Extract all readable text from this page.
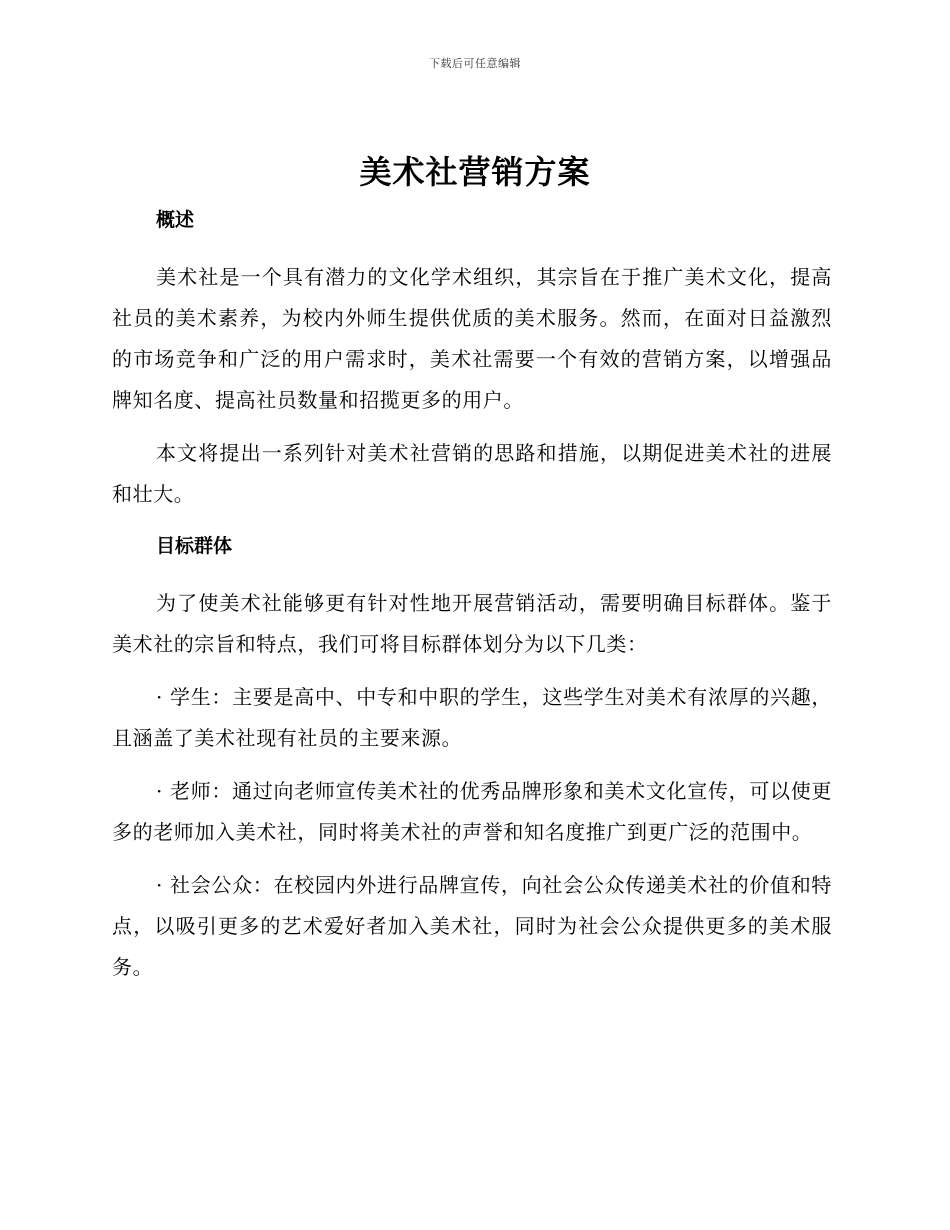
下载后可任意编辑
美术社营销方案
概述

美术社是一个具有潜力的文化学术组织，其宗旨在于推广美术文化，提高社员的美术素养，为校内外师生提供优质的美术服务。然而，在面对日益激烈的市场竞争和广泛的用户需求时，美术社需要一个有效的营销方案，以增强品牌知名度、提高社员数量和招揽更多的用户。

本文将提出一系列针对美术社营销的思路和措施，以期促进美术社的进展和壮大。

目标群体

为了使美术社能够更有针对性地开展营销活动，需要明确目标群体。鉴于美术社的宗旨和特点，我们可将目标群体划分为以下几类：

· 学生：主要是高中、中专和中职的学生，这些学生对美术有浓厚的兴趣，且涵盖了美术社现有社员的主要来源。

· 老师：通过向老师宣传美术社的优秀品牌形象和美术文化宣传，可以使更多的老师加入美术社，同时将美术社的声誉和知名度推广到更广泛的范围中。

· 社会公众：在校园内外进行品牌宣传，向社会公众传递美术社的价值和特点，以吸引更多的艺术爱好者加入美术社，同时为社会公众提供更多的美术服务。
